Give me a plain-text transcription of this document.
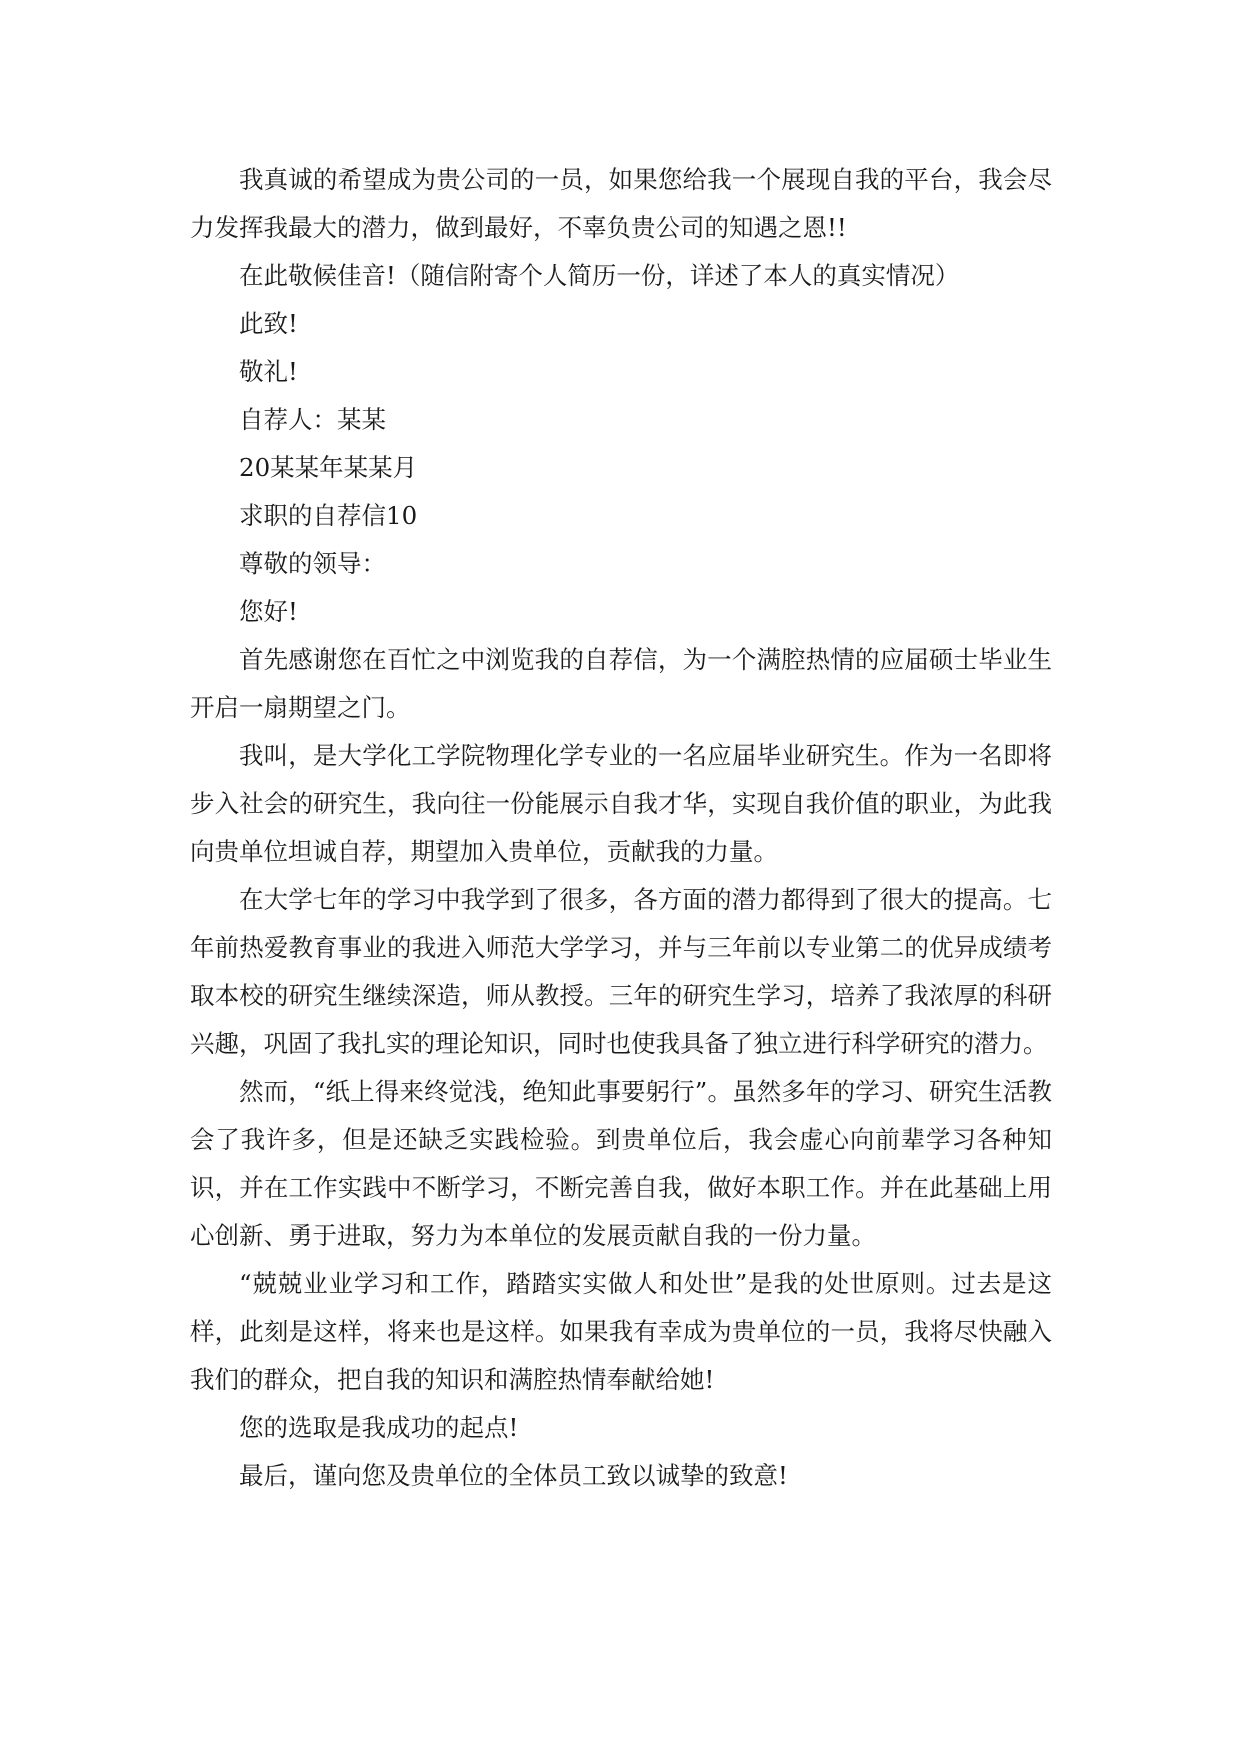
我真诚的希望成为贵公司的一员，如果您给我一个展现自我的平台，我会尽力发挥我最大的潜力，做到最好，不辜负贵公司的知遇之恩!!

在此敬候佳音!（随信附寄个人简历一份，详述了本人的真实情况）

此致!

敬礼!

自荐人：某某

20某某年某某月

求职的自荐信10

尊敬的领导：

您好!

首先感谢您在百忙之中浏览我的自荐信，为一个满腔热情的应届硕士毕业生开启一扇期望之门。

我叫，是大学化工学院物理化学专业的一名应届毕业研究生。作为一名即将步入社会的研究生，我向往一份能展示自我才华，实现自我价值的职业，为此我向贵单位坦诚自荐，期望加入贵单位，贡献我的力量。

在大学七年的学习中我学到了很多，各方面的潜力都得到了很大的提高。七年前热爱教育事业的我进入师范大学学习，并与三年前以专业第二的优异成绩考取本校的研究生继续深造，师从教授。三年的研究生学习，培养了我浓厚的科研兴趣，巩固了我扎实的理论知识，同时也使我具备了独立进行科学研究的潜力。

然而，“纸上得来终觉浅，绝知此事要躬行”。虽然多年的学习、研究生活教会了我许多，但是还缺乏实践检验。到贵单位后，我会虚心向前辈学习各种知识，并在工作实践中不断学习，不断完善自我，做好本职工作。并在此基础上用心创新、勇于进取，努力为本单位的发展贡献自我的一份力量。

“兢兢业业学习和工作，踏踏实实做人和处世”是我的处世原则。过去是这样，此刻是这样，将来也是这样。如果我有幸成为贵单位的一员，我将尽快融入我们的群众，把自我的知识和满腔热情奉献给她!

您的选取是我成功的起点!

最后，谨向您及贵单位的全体员工致以诚挚的致意!
